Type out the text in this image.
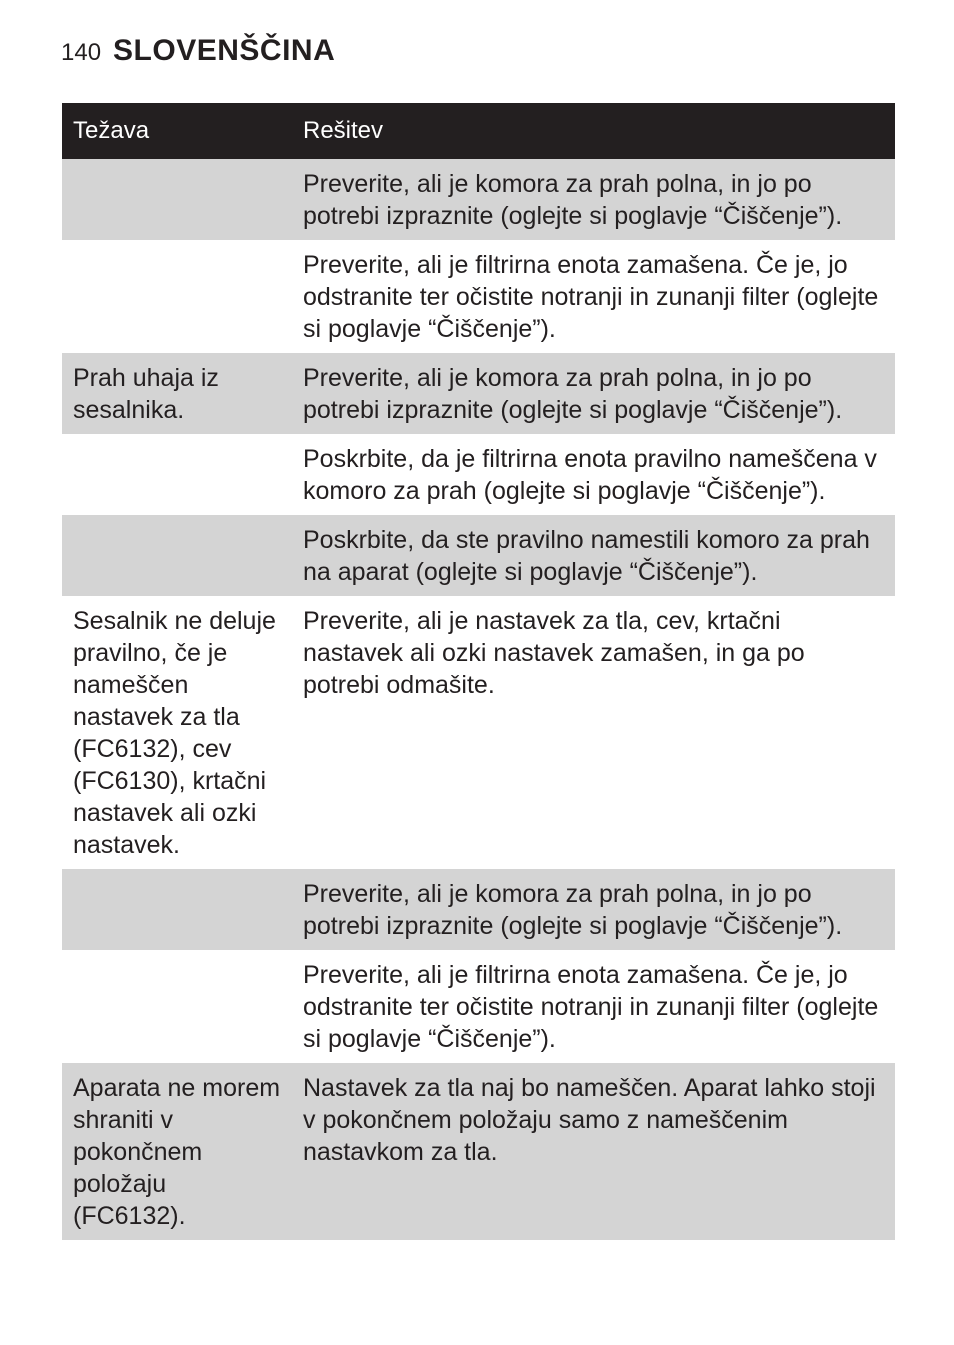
140 SLOVENŠČINA
Težava	Rešitev
Preverite, ali je komora za prah polna, in jo po potrebi izpraznite (oglejte si poglavje “Čiščenje”).
Preverite, ali je filtrirna enota zamašena. Če je, jo odstranite ter očistite notranji in zunanji filter (oglejte si poglavje “Čiščenje”).
Prah uhaja iz sesalnika.
Preverite, ali je komora za prah polna, in jo po potrebi izpraznite (oglejte si poglavje “Čiščenje”).
Poskrbite, da je filtrirna enota pravilno nameščena v komoro za prah (oglejte si poglavje “Čiščenje”).
Poskrbite, da ste pravilno namestili komoro za prah na aparat (oglejte si poglavje “Čiščenje”).
Sesalnik ne deluje pravilno, če je nameščen nastavek za tla (FC6132), cev (FC6130), krtačni nastavek ali ozki nastavek.
Preverite, ali je nastavek za tla, cev, krtačni nastavek ali ozki nastavek zamašen, in ga po potrebi odmašite.
Preverite, ali je komora za prah polna, in jo po potrebi izpraznite (oglejte si poglavje “Čiščenje”).
Preverite, ali je filtrirna enota zamašena. Če je, jo odstranite ter očistite notranji in zunanji filter (oglejte si poglavje “Čiščenje”).
Aparata ne morem shraniti v pokončnem položaju (FC6132).
Nastavek za tla naj bo nameščen. Aparat lahko stoji v pokončnem položaju samo z nameščenim nastavkom za tla.
